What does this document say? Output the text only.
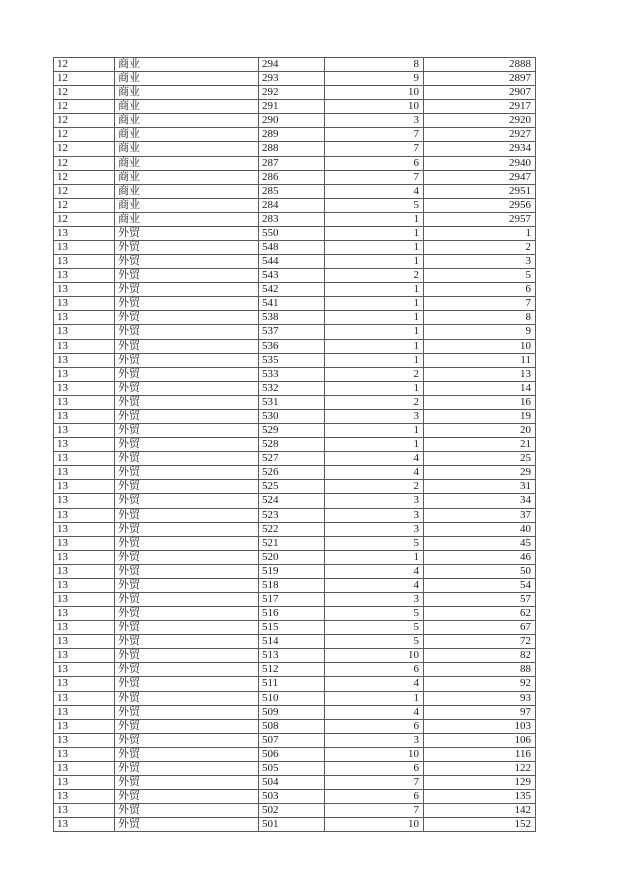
12	商业	294	8	2888
12	商业	293	9	2897
12	商业	292	10	2907
12	商业	291	10	2917
12	商业	290	3	2920
12	商业	289	7	2927
12	商业	288	7	2934
12	商业	287	6	2940
12	商业	286	7	2947
12	商业	285	4	2951
12	商业	284	5	2956
12	商业	283	1	2957
13	外贸	550	1	1
13	外贸	548	1	2
13	外贸	544	1	3
13	外贸	543	2	5
13	外贸	542	1	6
13	外贸	541	1	7
13	外贸	538	1	8
13	外贸	537	1	9
13	外贸	536	1	10
13	外贸	535	1	11
13	外贸	533	2	13
13	外贸	532	1	14
13	外贸	531	2	16
13	外贸	530	3	19
13	外贸	529	1	20
13	外贸	528	1	21
13	外贸	527	4	25
13	外贸	526	4	29
13	外贸	525	2	31
13	外贸	524	3	34
13	外贸	523	3	37
13	外贸	522	3	40
13	外贸	521	5	45
13	外贸	520	1	46
13	外贸	519	4	50
13	外贸	518	4	54
13	外贸	517	3	57
13	外贸	516	5	62
13	外贸	515	5	67
13	外贸	514	5	72
13	外贸	513	10	82
13	外贸	512	6	88
13	外贸	511	4	92
13	外贸	510	1	93
13	外贸	509	4	97
13	外贸	508	6	103
13	外贸	507	3	106
13	外贸	506	10	116
13	外贸	505	6	122
13	外贸	504	7	129
13	外贸	503	6	135
13	外贸	502	7	142
13	外贸	501	10	152
